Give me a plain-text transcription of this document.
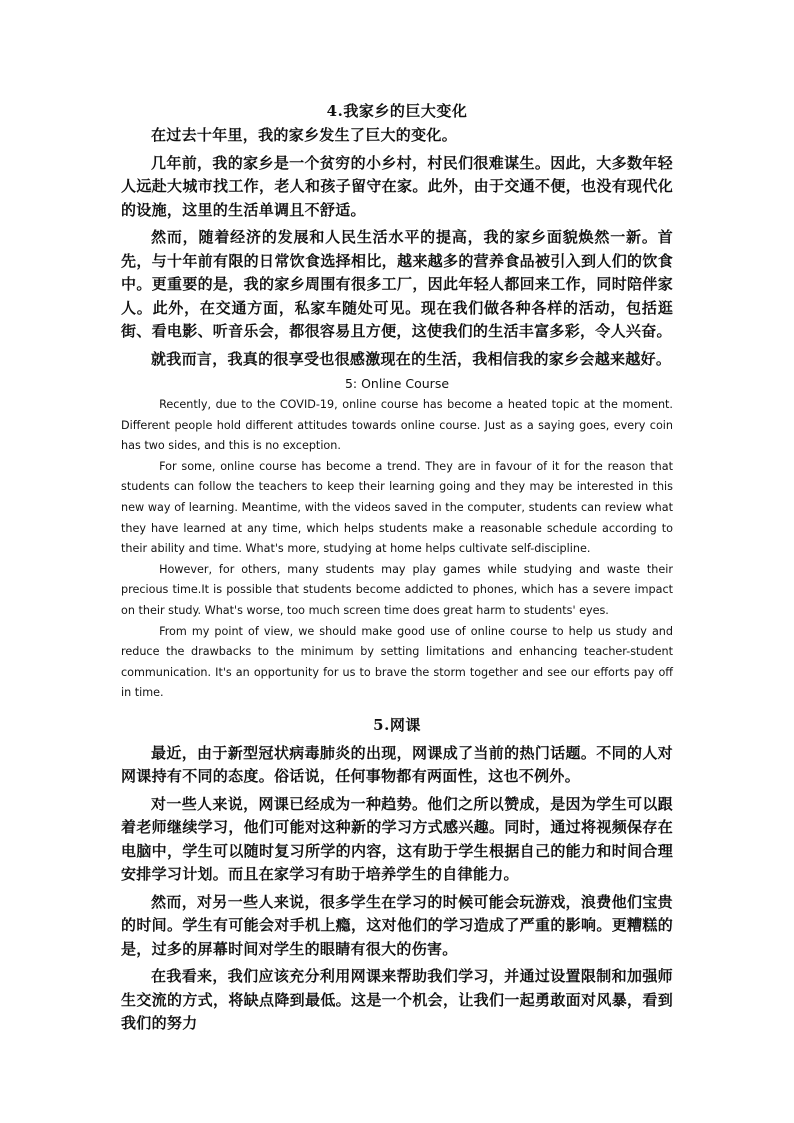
4.我家乡的巨大变化

在过去十年里，我的家乡发生了巨大的变化。

几年前，我的家乡是一个贫穷的小乡村，村民们很难谋生。因此，大多数年轻人远赴大城市找工作，老人和孩子留守在家。此外，由于交通不便，也没有现代化的设施，这里的生活单调且不舒适。

然而，随着经济的发展和人民生活水平的提高，我的家乡面貌焕然一新。首先，与十年前有限的日常饮食选择相比，越来越多的营养食品被引入到人们的饮食中。更重要的是，我的家乡周围有很多工厂，因此年轻人都回来工作，同时陪伴家人。此外，在交通方面，私家车随处可见。现在我们做各种各样的活动，包括逛街、看电影、听音乐会，都很容易且方便，这使我们的生活丰富多彩，令人兴奋。

就我而言，我真的很享受也很感激现在的生活，我相信我的家乡会越来越好。

5: Online Course

Recently, due to the COVID-19, online course has become a heated topic at the moment. Different people hold different attitudes towards online course. Just as a saying goes, every coin has two sides, and this is no exception.

For some, online course has become a trend. They are in favour of it for the reason that students can follow the teachers to keep their learning going and they may be interested in this new way of learning. Meantime, with the videos saved in the computer, students can review what they have learned at any time, which helps students make a reasonable schedule according to their ability and time. What's more, studying at home helps cultivate self-discipline.

However, for others, many students may play games while studying and waste their precious time.It is possible that students become addicted to phones, which has a severe impact on their study. What's worse, too much screen time does great harm to students' eyes.

From my point of view, we should make good use of online course to help us study and reduce the drawbacks to the minimum by setting limitations and enhancing teacher-student communication. It's an opportunity for us to brave the storm together and see our efforts pay off in time.

5.网课

最近，由于新型冠状病毒肺炎的出现，网课成了当前的热门话题。不同的人对网课持有不同的态度。俗话说，任何事物都有两面性，这也不例外。

对一些人来说，网课已经成为一种趋势。他们之所以赞成，是因为学生可以跟着老师继续学习，他们可能对这种新的学习方式感兴趣。同时，通过将视频保存在电脑中，学生可以随时复习所学的内容，这有助于学生根据自己的能力和时间合理安排学习计划。而且在家学习有助于培养学生的自律能力。

然而，对另一些人来说，很多学生在学习的时候可能会玩游戏，浪费他们宝贵的时间。学生有可能会对手机上瘾，这对他们的学习造成了严重的影响。更糟糕的是，过多的屏幕时间对学生的眼睛有很大的伤害。

在我看来，我们应该充分利用网课来帮助我们学习，并通过设置限制和加强师生交流的方式，将缺点降到最低。这是一个机会，让我们一起勇敢面对风暴，看到我们的努力
